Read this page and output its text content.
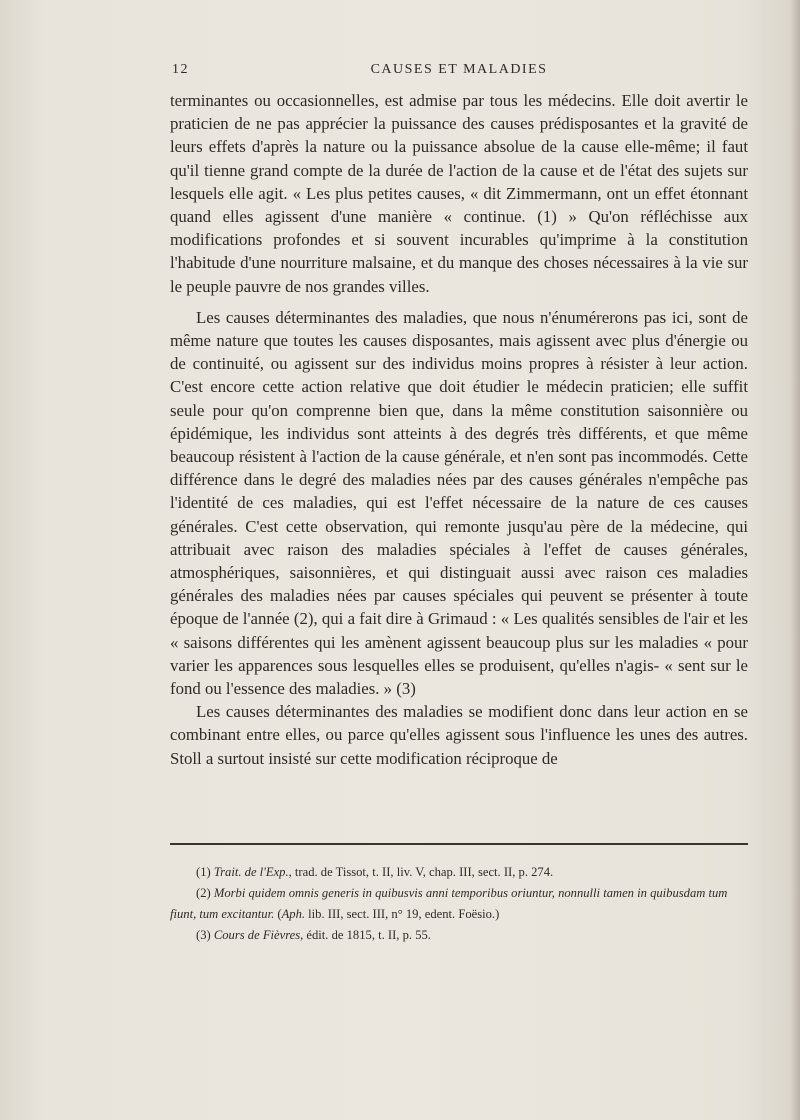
12	CAUSES ET MALADIES

terminantes ou occasionnelles, est admise par tous les médecins. Elle doit avertir le praticien de ne pas apprécier la puissance des causes prédisposantes et la gravité de leurs effets d'après la nature ou la puissance absolue de la cause elle-même; il faut qu'il tienne grand compte de la durée de l'action de la cause et de l'état des sujets sur lesquels elle agit. « Les plus petites causes, « dit Zimmermann, ont un effet étonnant quand elles agissent d'une manière « continue. (1) » Qu'on réfléchisse aux modifications profondes et si souvent incurables qu'imprime à la constitution l'habitude d'une nourriture malsaine, et du manque des choses nécessaires à la vie sur le peuple pauvre de nos grandes villes.

Les causes déterminantes des maladies, que nous n'énumérerons pas ici, sont de même nature que toutes les causes disposantes, mais agissent avec plus d'énergie ou de continuité, ou agissent sur des individus moins propres à résister à leur action. C'est encore cette action relative que doit étudier le médecin praticien; elle suffit seule pour qu'on comprenne bien que, dans la même constitution saisonnière ou épidémique, les individus sont atteints à des degrés très différents, et que même beaucoup résistent à l'action de la cause générale, et n'en sont pas incommodés. Cette différence dans le degré des maladies nées par des causes générales n'empêche pas l'identité de ces maladies, qui est l'effet nécessaire de la nature de ces causes générales. C'est cette observation, qui remonte jusqu'au père de la médecine, qui attribuait avec raison des maladies spéciales à l'effet de causes générales, atmosphériques, saisonnières, et qui distinguait aussi avec raison ces maladies générales des maladies nées par causes spéciales qui peuvent se présenter à toute époque de l'année (2), qui a fait dire à Grimaud : « Les qualités sensibles de l'air et les « saisons différentes qui les amènent agissent beaucoup plus sur les maladies « pour varier les apparences sous lesquelles elles se produisent, qu'elles n'agis- « sent sur le fond ou l'essence des maladies. » (3)

Les causes déterminantes des maladies se modifient donc dans leur action en se combinant entre elles, ou parce qu'elles agissent sous l'influence les unes des autres. Stoll a surtout insisté sur cette modification réciproque de

(1) Trait. de l'Exp., trad. de Tissot, t. II, liv. V, chap. III, sect. II, p. 274.

(2) Morbi quidem omnis generis in quibusvis anni temporibus oriuntur, nonnulli tamen in quibusdam tum fiunt, tum excitantur. (Aph. lib. III, sect. III, n° 19, edent. Foësio.)

(3) Cours de Fièvres, édit. de 1815, t. II, p. 55.
